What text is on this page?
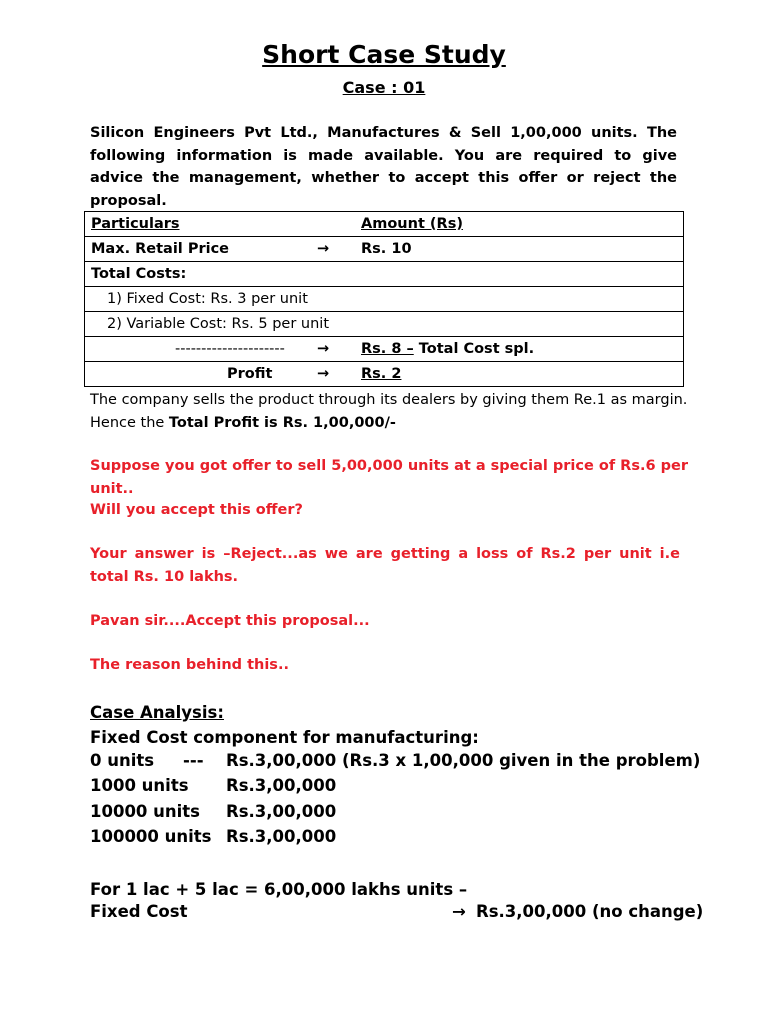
Short Case Study
Case : 01
Silicon Engineers Pvt Ltd., Manufactures & Sell 1,00,000 units. The following information is made available. You are required to give advice the management, whether to accept this offer or reject the proposal.
Particulars	Amount (Rs)

Max. Retail Price	→ Rs. 10

Total Costs:

1) Fixed Cost: Rs. 3 per unit

2) Variable Cost: Rs. 5 per unit

--------------------- → Rs. 8 – Total Cost spl.

Profit	→ Rs. 2
The company sells the product through its dealers by giving them Re.1 as margin. Hence the Total Profit is Rs. 1,00,000/-
Suppose you got offer to sell 5,00,000 units at a special price of Rs.6 per unit..
Will you accept this offer?
Your answer is –Reject...as we are getting a loss of Rs.2 per unit i.e total Rs. 10 lakhs.
Pavan sir....Accept this proposal...
The reason behind this..
Case Analysis:
Fixed Cost component for manufacturing:
0 units --- Rs.3,00,000 (Rs.3 x 1,00,000 given in the problem)
1000 units Rs.3,00,000
10000 units Rs.3,00,000
100000 units Rs.3,00,000
For 1 lac + 5 lac = 6,00,000 lakhs units –
Fixed Cost	→ Rs.3,00,000 (no change)
